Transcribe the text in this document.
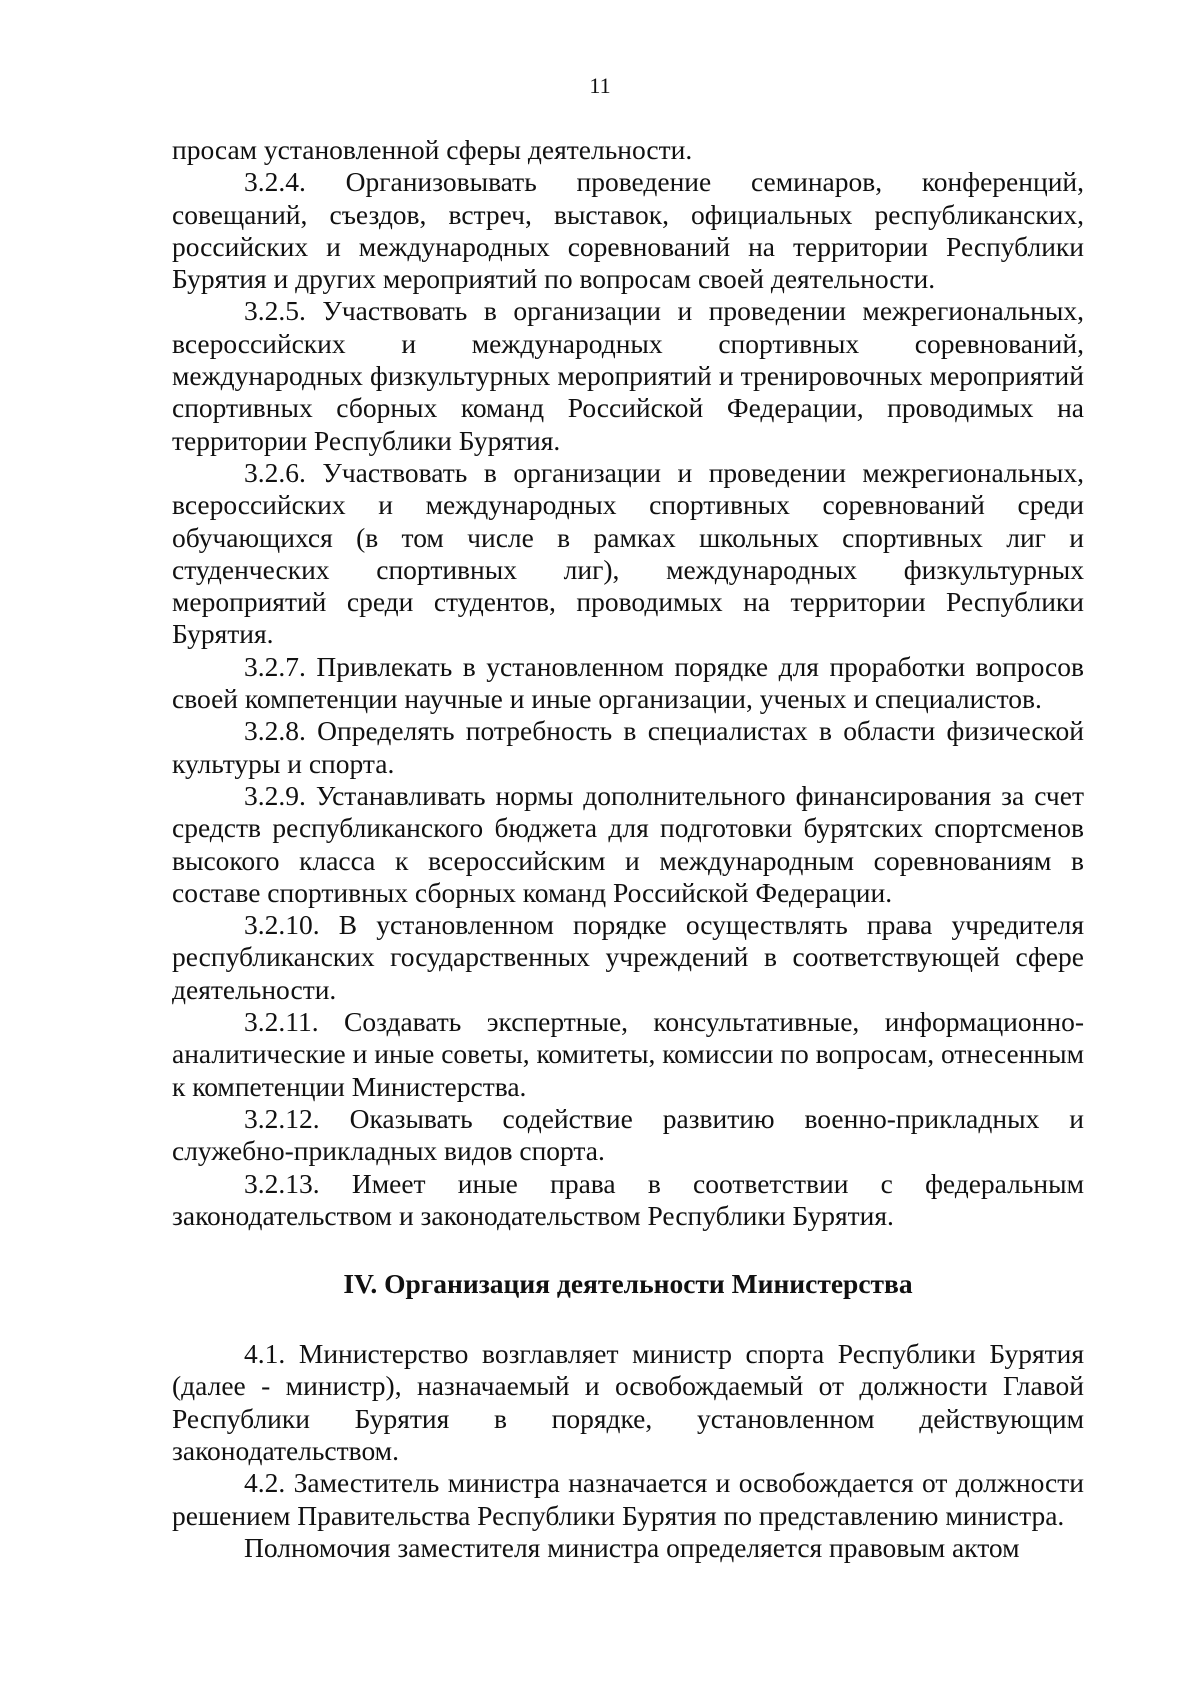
11

просам установленной сферы деятельности.

3.2.4. Организовывать проведение семинаров, конференций, совещаний, съездов, встреч, выставок, официальных республиканских, российских и международных соревнований на территории Республики Бурятия и других мероприятий по вопросам своей деятельности.

3.2.5. Участвовать в организации и проведении межрегиональных, всероссийских и международных спортивных соревнований, международных физкультурных мероприятий и тренировочных мероприятий спортивных сборных команд Российской Федерации, проводимых на территории Республики Бурятия.

3.2.6. Участвовать в организации и проведении межрегиональных, всероссийских и международных спортивных соревнований среди обучающихся (в том числе в рамках школьных спортивных лиг и студенческих спортивных лиг), международных физкультурных мероприятий среди студентов, проводимых на территории Республики Бурятия.

3.2.7. Привлекать в установленном порядке для проработки вопросов своей компетенции научные и иные организации, ученых и специалистов.

3.2.8. Определять потребность в специалистах в области физической культуры и спорта.

3.2.9. Устанавливать нормы дополнительного финансирования за счет средств республиканского бюджета для подготовки бурятских спортсменов высокого класса к всероссийским и международным соревнованиям в составе спортивных сборных команд Российской Федерации.

3.2.10. В установленном порядке осуществлять права учредителя республиканских государственных учреждений в соответствующей сфере деятельности.

3.2.11. Создавать экспертные, консультативные, информационно-аналитические и иные советы, комитеты, комиссии по вопросам, отнесенным к компетенции Министерства.

3.2.12. Оказывать содействие развитию военно-прикладных и служебно-прикладных видов спорта.

3.2.13. Имеет иные права в соответствии с федеральным законодательством и законодательством Республики Бурятия.

IV. Организация деятельности Министерства

4.1. Министерство возглавляет министр спорта Республики Бурятия (далее - министр), назначаемый и освобождаемый от должности Главой Республики Бурятия в порядке, установленном действующим законодательством.

4.2. Заместитель министра назначается и освобождается от должности решением Правительства Республики Бурятия по представлению министра.

Полномочия заместителя министра определяется правовым актом
